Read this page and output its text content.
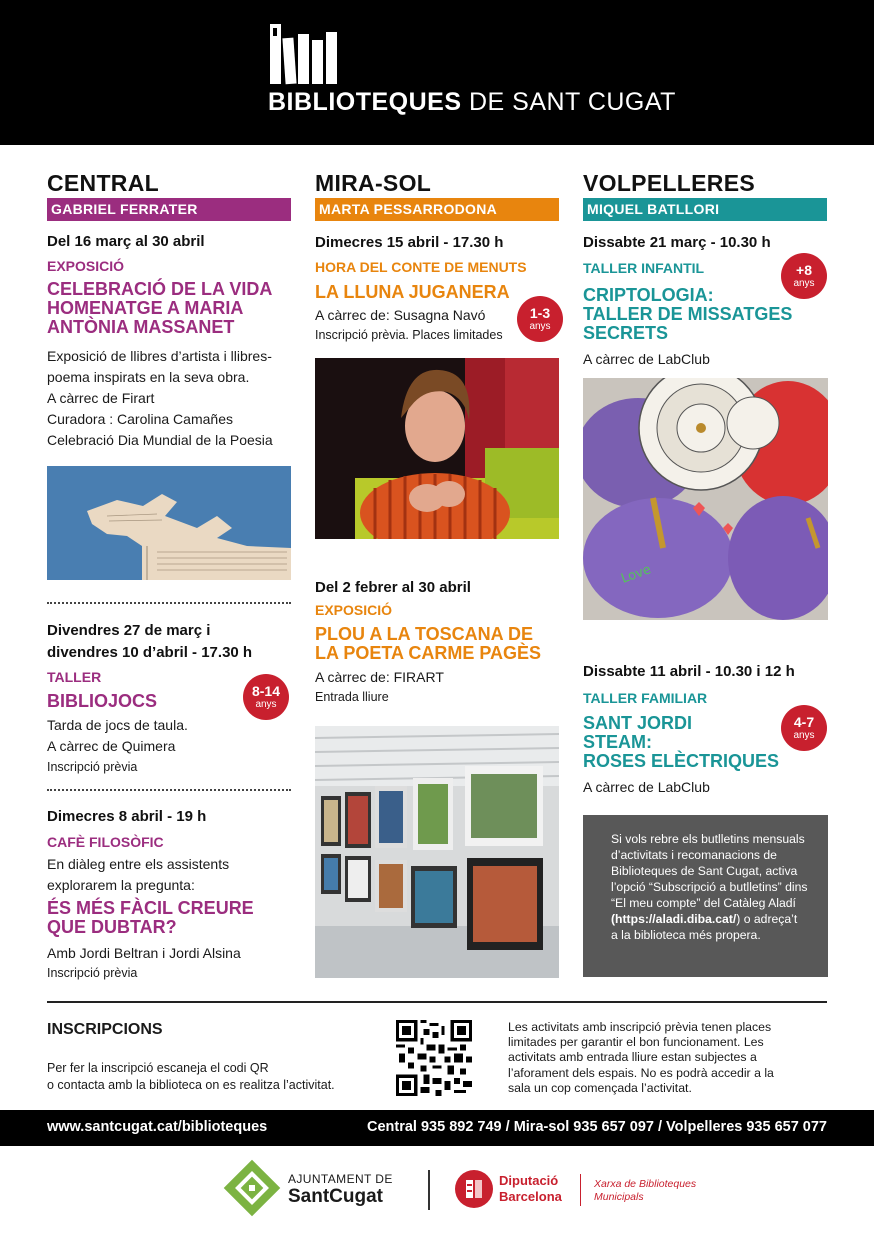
BIBLIOTEQUES DE SANT CUGAT
CENTRAL
GABRIEL FERRATER
Del 16 març al 30 abril
EXPOSICIÓ
CELEBRACIÓ DE LA VIDA
HOMENATGE A MARIA
ANTÒNIA MASSANET
Exposició de llibres d’artista i llibres-
poema inspirats en la seva obra.
A càrrec de Firart
Curadora : Carolina Camañes
Celebració Dia Mundial de la Poesia
Divendres 27 de març i
divendres 10 d’abril - 17.30 h
TALLER
BIBLIOJOCS	8-14
anys
Tarda de jocs de taula.
A càrrec de Quimera
Inscripció prèvia
Dimecres 8 abril - 19 h
CAFÈ FILOSÒFIC
En diàleg entre els assistents
explorarem la pregunta:
ÉS MÉS FÀCIL CREURE
QUE DUBTAR?
Amb Jordi Beltran i Jordi Alsina
Inscripció prèvia
MIRA-SOL
MARTA PESSARRODONA
Dimecres 15 abril - 17.30 h
HORA DEL CONTE DE MENUTS
LA LLUNA JUGANERA
1-3
anys
A càrrec de: Susagna Navó
Inscripció prèvia. Places limitades
Del 2 febrer al 30 abril
EXPOSICIÓ
PLOU A LA TOSCANA DE
LA POETA CARME PAGÈS
A càrrec de: FIRART
Entrada lliure
VOLPELLERES
MIQUEL BATLLORI
Dissabte 21 març - 10.30 h
TALLER INFANTIL
CRIPTOLOGIA:
TALLER DE MISSATGES
SECRETS
+8
anys
A càrrec de LabClub
Love
Dissabte 11 abril - 10.30 i 12 h
TALLER FAMILIAR
SANT JORDI
STEAM:
ROSES ELÈCTRIQUES
4-7
anys
A càrrec de LabClub
Si vols rebre els butlletins mensuals
d’activitats i recomanacions de
Biblioteques de Sant Cugat, activa
l’opció “Subscripció a butlletins” dins
“El meu compte” del Catàleg Aladí
(https://aladi.diba.cat/) o adreça’t
a la biblioteca més propera.
INSCRIPCIONS
Per fer la inscripció escaneja el codi QR
o contacta amb la biblioteca on es realitza l’activitat.
Les activitats amb inscripció prèvia tenen places
limitades per garantir el bon funcionament. Les
activitats amb entrada lliure estan subjectes a
l’aforament dels espais. No es podrà accedir a la
sala un cop començada l’activitat.
www.santcugat.cat/biblioteques	Central 935 892 749 / Mira-sol 935 657 097 / Volpelleres 935 657 077
AJUNTAMENT DE
SantCugat
Diputació
Barcelona
Xarxa de Biblioteques
Municipals
